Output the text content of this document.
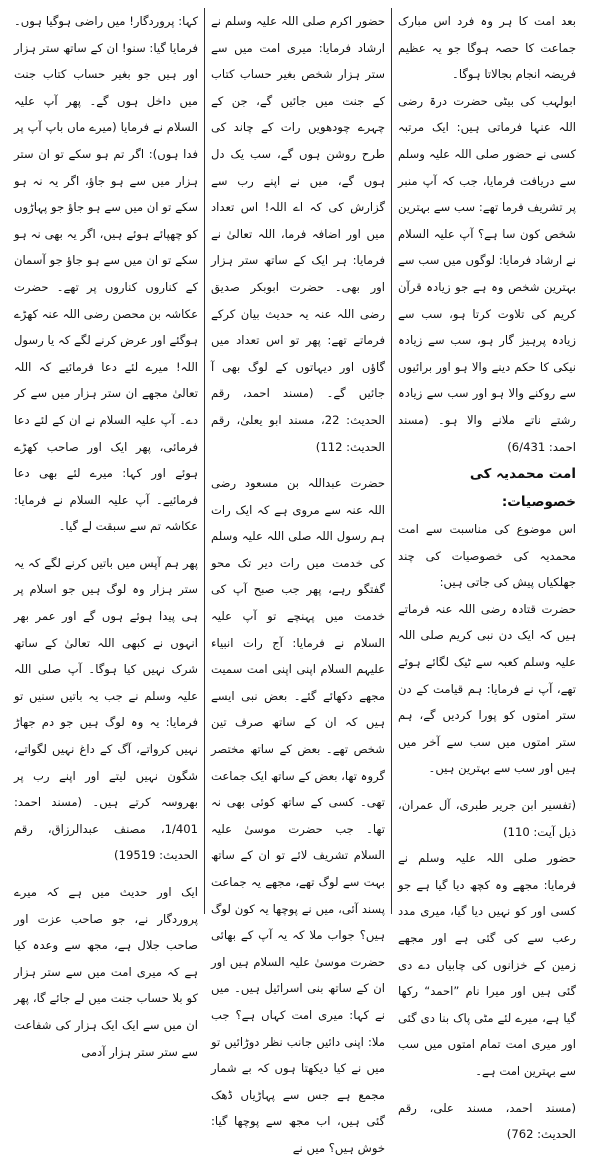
بعد امت کا ہر وہ فرد اس مبارک جماعت کا حصہ ہوگا جو یہ عظیم فریضہ انجام بجالاتا ہوگا۔

ابولہب کی بیٹی حضرت درۃ رضی اللہ عنہا فرماتی ہیں: ایک مرتبہ کسی نے حضور صلی اللہ علیہ وسلم سے دریافت فرمایا، جب کہ آپ منبر پر تشریف فرما تھے: سب سے بہترین شخص کون سا ہے؟ آپ علیہ السلام نے ارشاد فرمایا: لوگوں میں سب سے بہترین شخص وہ ہے جو زیادہ قرآن کریم کی تلاوت کرتا ہو، سب سے زیادہ پرہیز گار ہو، سب سے زیادہ نیکی کا حکم دینے والا ہو اور برائیوں سے روکنے والا ہو اور سب سے زیادہ رشتے ناتے ملانے والا ہو۔ (مسند احمد: 6/431)

امت محمدیہ کی خصوصیات:

اس موضوع کی مناسبت سے امت محمدیہ کی خصوصیات کی چند جھلکیاں پیش کی جاتی ہیں:

حضرت قتادہ رضی اللہ عنہ فرماتے ہیں کہ ایک دن نبی کریم صلی اللہ علیہ وسلم کعبہ سے ٹیک لگائے ہوئے تھے، آپ نے فرمایا: ہم قیامت کے دن ستر امتوں کو پورا کردیں گے، ہم ستر امتوں میں سب سے آخر میں ہیں اور سب سے بہترین ہیں۔

(تفسیر ابن جریر طبری، آل عمران، ذیل آیت: 110)

حضور صلی اللہ علیہ وسلم نے فرمایا: مجھے وہ کچھ دیا گیا ہے جو کسی اور کو نہیں دیا گیا، میری مدد رعب سے کی گئی ہے اور مجھے زمین کے خزانوں کی چابیاں دے دی گئی ہیں اور میرا نام ”احمد“ رکھا گیا ہے، میرے لئے مٹی پاک بنا دی گئی اور میری امت تمام امتوں میں سب سے بہترین امت ہے۔

(مسند احمد، مسند علی، رقم الحدیث: 762)

حضور اکرم صلی اللہ علیہ وسلم نے ارشاد فرمایا: میری امت میں سے ستر ہزار شخص بغیر حساب کتاب کے جنت میں جائیں گے، جن کے چہرے چودھویں رات کے چاند کی طرح روشن ہوں گے، سب یک دل ہوں گے، میں نے اپنے رب سے گزارش کی کہ اے اللہ! اس تعداد میں اور اضافہ فرما، اللہ تعالیٰ نے فرمایا: ہر ایک کے ساتھ ستر ہزار اور بھی۔ حضرت ابوبکر صدیق رضی اللہ عنہ یہ حدیث بیان کرکے فرماتے تھے: پھر تو اس تعداد میں گاؤں اور دیہاتوں کے لوگ بھی آ جائیں گے۔ (مسند احمد، رقم الحدیث: 22، مسند ابو یعلیٰ، رقم الحدیث: 112)

حضرت عبداللہ بن مسعود رضی اللہ عنہ سے مروی ہے کہ ایک رات ہم رسول اللہ صلی اللہ علیہ وسلم کی خدمت میں رات دیر تک محو گفتگو رہے، پھر جب صبح آپ کی خدمت میں پہنچے تو آپ علیہ السلام نے فرمایا: آج رات انبیاء علیہم السلام اپنی اپنی امت سمیت مجھے دکھائے گئے۔ بعض نبی ایسے ہیں کہ ان کے ساتھ صرف تین شخص تھے۔ بعض کے ساتھ مختصر گروہ تھا، بعض کے ساتھ ایک جماعت تھی۔ کسی کے ساتھ کوئی بھی نہ تھا۔ جب حضرت موسیٰ علیہ السلام تشریف لائے تو ان کے ساتھ بہت سے لوگ تھے، مجھے یہ جماعت پسند آئی، میں نے پوچھا یہ کون لوگ ہیں؟ جواب ملا کہ یہ آپ کے بھائی حضرت موسیٰ علیہ السلام ہیں اور ان کے ساتھ بنی اسرائیل ہیں۔ میں نے کہا: میری امت کہاں ہے؟ جب ملا: اپنی دائیں جانب نظر دوڑائیں تو میں نے کیا دیکھتا ہوں کہ بے شمار مجمع ہے جس سے پہاڑیاں ڈھک گئی ہیں، اب مجھ سے پوچھا گیا: خوش ہیں؟ میں نے

کہا: پروردگار! میں راضی ہوگیا ہوں۔ فرمایا گیا: سنو! ان کے ساتھ ستر ہزار اور ہیں جو بغیر حساب کتاب جنت میں داخل ہوں گے۔ پھر آپ علیہ السلام نے فرمایا (میرے ماں باپ آپ پر فدا ہوں): اگر تم ہو سکے تو ان ستر ہزار میں سے ہو جاؤ، اگر یہ نہ ہو سکے تو ان میں سے ہو جاؤ جو پہاڑوں کو چھپائے ہوئے ہیں، اگر یہ بھی نہ ہو سکے تو ان میں سے ہو جاؤ جو آسمان کے کناروں کناروں پر تھے۔ حضرت عکاشہ بن محصن رضی اللہ عنہ کھڑے ہوگئے اور عرض کرنے لگے کہ یا رسول اللہ! میرے لئے دعا فرمائیے کہ اللہ تعالیٰ مجھے ان ستر ہزار میں سے کر دے۔ آپ علیہ السلام نے ان کے لئے دعا فرمائی، پھر ایک اور صاحب کھڑے ہوئے اور کہا: میرے لئے بھی دعا فرمائیے۔ آپ علیہ السلام نے فرمایا: عکاشہ تم سے سبقت لے گیا۔

پھر ہم آپس میں باتیں کرنے لگے کہ یہ ستر ہزار وہ لوگ ہیں جو اسلام پر ہی پیدا ہوئے ہوں گے اور عمر بھر انہوں نے کبھی اللہ تعالیٰ کے ساتھ شرک نہیں کیا ہوگا۔ آپ صلی اللہ علیہ وسلم نے جب یہ باتیں سنیں تو فرمایا: یہ وہ لوگ ہیں جو دم جھاڑ نہیں کرواتے، آگ کے داغ نہیں لگواتے، شگون نہیں لیتے اور اپنے رب پر بھروسہ کرتے ہیں۔ (مسند احمد: 1/401، مصنف عبدالرزاق، رقم الحدیث: 19519)

ایک اور حدیث میں ہے کہ میرے پروردگار نے، جو صاحب عزت اور صاحب جلال ہے، مجھ سے وعدہ کیا ہے کہ میری امت میں سے ستر ہزار کو بلا حساب جنت میں لے جائے گا، پھر ان میں سے ایک ایک ہزار کی شفاعت سے ستر ستر ہزار آدمی
